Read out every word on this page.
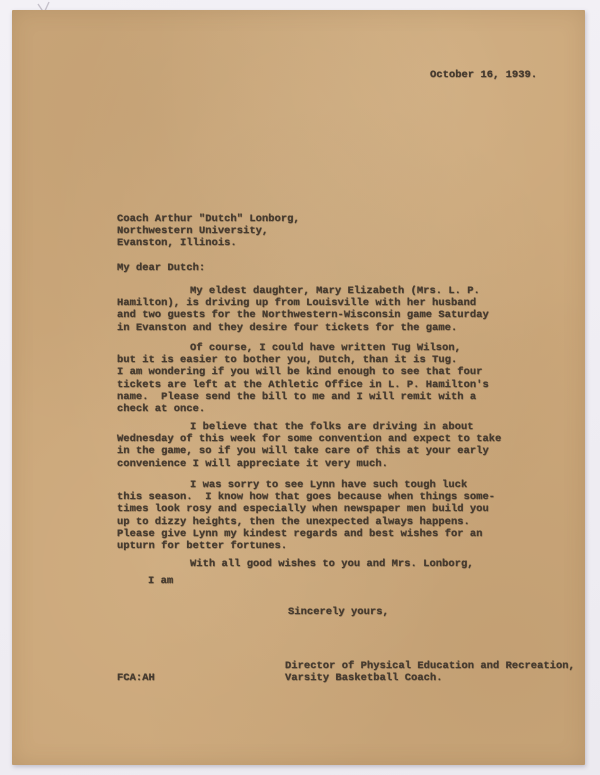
October 16, 1939.
Coach Arthur "Dutch" Lonborg,
Northwestern University,
Evanston, Illinois.
My dear Dutch:
My eldest daughter, Mary Elizabeth (Mrs. L. P.
Hamilton), is driving up from Louisville with her husband
and two guests for the Northwestern-Wisconsin game Saturday
in Evanston and they desire four tickets for the game.
Of course, I could have written Tug Wilson,
but it is easier to bother you, Dutch, than it is Tug.
I am wondering if you will be kind enough to see that four
tickets are left at the Athletic Office in L. P. Hamilton's
name.  Please send the bill to me and I will remit with a
check at once.
I believe that the folks are driving in about
Wednesday of this week for some convention and expect to take
in the game, so if you will take care of this at your early
convenience I will appreciate it very much.
I was sorry to see Lynn have such tough luck
this season.  I know how that goes because when things some-
times look rosy and especially when newspaper men build you
up to dizzy heights, then the unexpected always happens.
Please give Lynn my kindest regards and best wishes for an
upturn for better fortunes.
With all good wishes to you and Mrs. Lonborg,
I am
Sincerely yours,
FCA:AH
Director of Physical Education and Recreation,
Varsity Basketball Coach.
